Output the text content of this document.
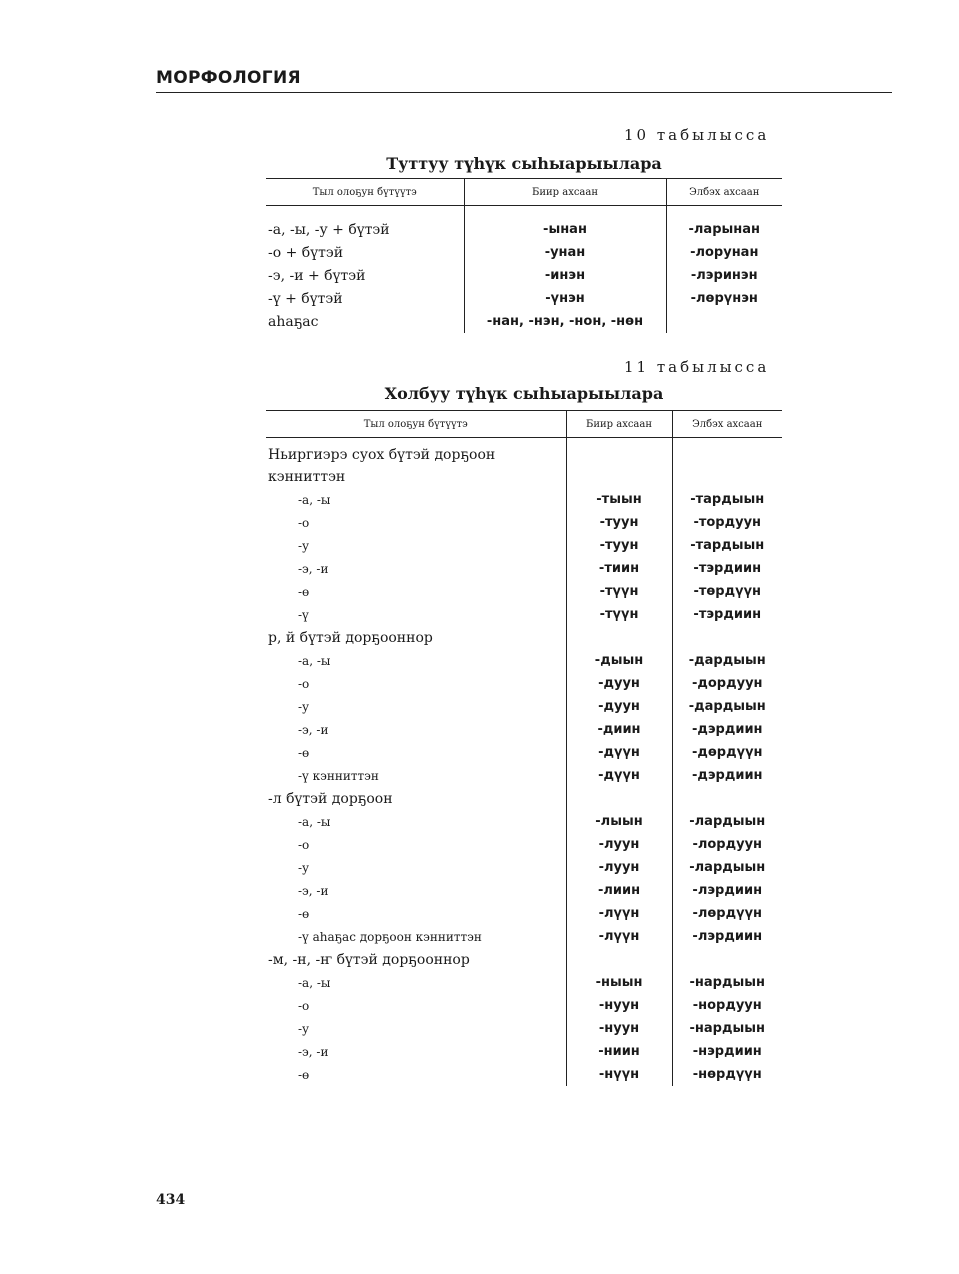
МОРФОЛОГИЯ
10 табылысса
Туттуу түhүк сыhыарыылара
Тыл олоҕун бүтүүтэ	Биир ахсаан	Элбэх ахсаан
-а, -ы, -у + бүтэй	-ынан	-ларынан
-о + бүтэй	-унан	-лорунан
-э, -и + бүтэй	-инэн	-лэринэн
-ү + бүтэй	-үнэн	-лөрүнэн
аhаҕас	-нан, -нэн, -нон, -нөн	
11 табылысса
Холбуу түhүк сыhыарыылара
Тыл олоҕун бүтүүтэ	Биир ахсаан	Элбэх ахсаан
Ньиргиэрэ суох бүтэй дорҕоон кэнниттэн		
-а, -ы	-тыын	-тардыын
-о	-туун	-тордуун
-у	-туун	-тардыын
-э, -и	-тиин	-тэрдиин
-ө	-түүн	-төрдүүн
-ү	-түүн	-тэрдиин
р, й бүтэй дорҕооннор		
-а, -ы	-дыын	-дардыын
-о	-дуун	-дордуун
-у	-дуун	-дардыын
-э, -и	-диин	-дэрдиин
-ө	-дүүн	-дөрдүүн
-ү кэнниттэн	-дүүн	-дэрдиин
-л бүтэй дорҕоон		
-а, -ы	-лыын	-лардыын
-о	-луун	-лордуун
-у	-луун	-лардыын
-э, -и	-лиин	-лэрдиин
-ө	-лүүн	-лөрдүүн
-ү аhаҕас дорҕоон кэнниттэн	-лүүн	-лэрдиин
-м, -н, -ҥ бүтэй дорҕооннор		
-а, -ы	-ныын	-нардыын
-о	-нуун	-нордуун
-у	-нуун	-нардыын
-э, -и	-ниин	-нэрдиин
-ө	-нүүн	-нөрдүүн
434
